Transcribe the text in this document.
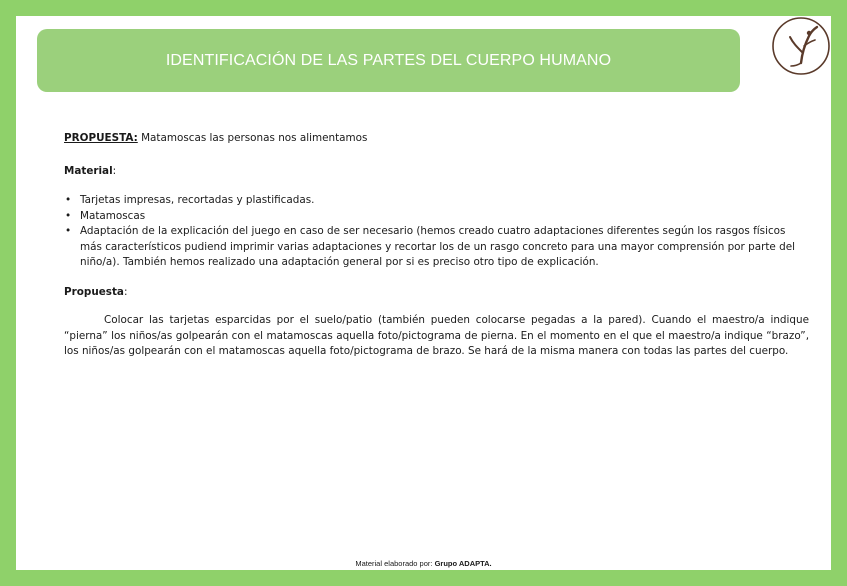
IDENTIFICACIÓN DE LAS PARTES DEL CUERPO HUMANO

PROPUESTA: Matamoscas las personas nos alimentamos

Material:

• Tarjetas impresas, recortadas y plastificadas.
• Matamoscas
• Adaptación de la explicación del juego en caso de ser necesario (hemos creado cuatro adaptaciones diferentes según los rasgos físicos más característicos pudiend imprimir varias adaptaciones y recortar los de un rasgo concreto para una mayor comprensión por parte del niño/a). También hemos realizado una adaptación general por si es preciso otro tipo de explicación.

Propuesta:

Colocar las tarjetas esparcidas por el suelo/patio (también pueden colocarse pegadas a la pared). Cuando el maestro/a indique “pierna” los niños/as golpearán con el matamoscas aquella foto/pictograma de pierna. En el momento en el que el maestro/a indique “brazo”, los niños/as golpearán con el matamoscas aquella foto/pictograma de brazo. Se hará de la misma manera con todas las partes del cuerpo.

Material elaborado por: Grupo ADAPTA.
